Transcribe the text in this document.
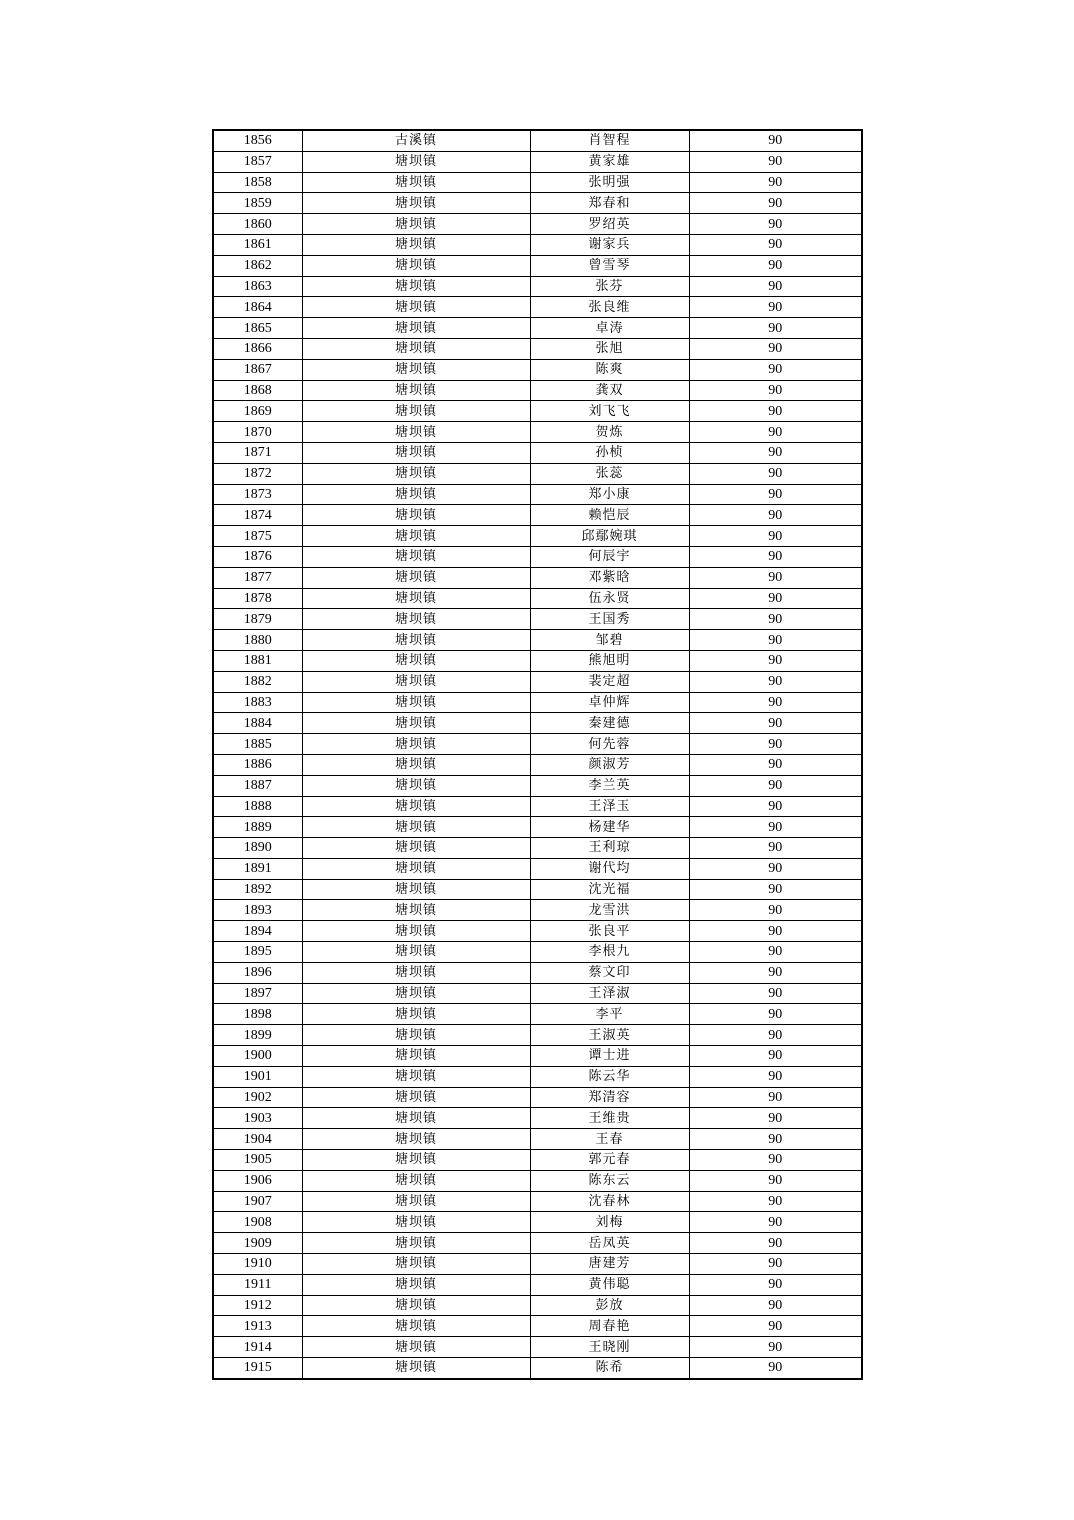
1856	古溪镇	肖智程	90
1857	塘坝镇	黄家雄	90
1858	塘坝镇	张明强	90
1859	塘坝镇	郑春和	90
1860	塘坝镇	罗绍英	90
1861	塘坝镇	谢家兵	90
1862	塘坝镇	曾雪琴	90
1863	塘坝镇	张芬	90
1864	塘坝镇	张良维	90
1865	塘坝镇	卓涛	90
1866	塘坝镇	张旭	90
1867	塘坝镇	陈爽	90
1868	塘坝镇	龚双	90
1869	塘坝镇	刘飞飞	90
1870	塘坝镇	贺炼	90
1871	塘坝镇	孙桢	90
1872	塘坝镇	张蕊	90
1873	塘坝镇	郑小康	90
1874	塘坝镇	赖恺辰	90
1875	塘坝镇	邱鄢婉琪	90
1876	塘坝镇	何辰宇	90
1877	塘坝镇	邓紫晗	90
1878	塘坝镇	伍永贤	90
1879	塘坝镇	王国秀	90
1880	塘坝镇	邹碧	90
1881	塘坝镇	熊旭明	90
1882	塘坝镇	裴定超	90
1883	塘坝镇	卓仲辉	90
1884	塘坝镇	秦建德	90
1885	塘坝镇	何先蓉	90
1886	塘坝镇	颜淑芳	90
1887	塘坝镇	李兰英	90
1888	塘坝镇	王泽玉	90
1889	塘坝镇	杨建华	90
1890	塘坝镇	王利琼	90
1891	塘坝镇	谢代均	90
1892	塘坝镇	沈光福	90
1893	塘坝镇	龙雪洪	90
1894	塘坝镇	张良平	90
1895	塘坝镇	李根九	90
1896	塘坝镇	蔡文印	90
1897	塘坝镇	王泽淑	90
1898	塘坝镇	李平	90
1899	塘坝镇	王淑英	90
1900	塘坝镇	谭士进	90
1901	塘坝镇	陈云华	90
1902	塘坝镇	郑清容	90
1903	塘坝镇	王维贵	90
1904	塘坝镇	王春	90
1905	塘坝镇	郭元春	90
1906	塘坝镇	陈东云	90
1907	塘坝镇	沈春林	90
1908	塘坝镇	刘梅	90
1909	塘坝镇	岳凤英	90
1910	塘坝镇	唐建芳	90
1911	塘坝镇	黄伟聪	90
1912	塘坝镇	彭放	90
1913	塘坝镇	周春艳	90
1914	塘坝镇	王晓刚	90
1915	塘坝镇	陈希	90
